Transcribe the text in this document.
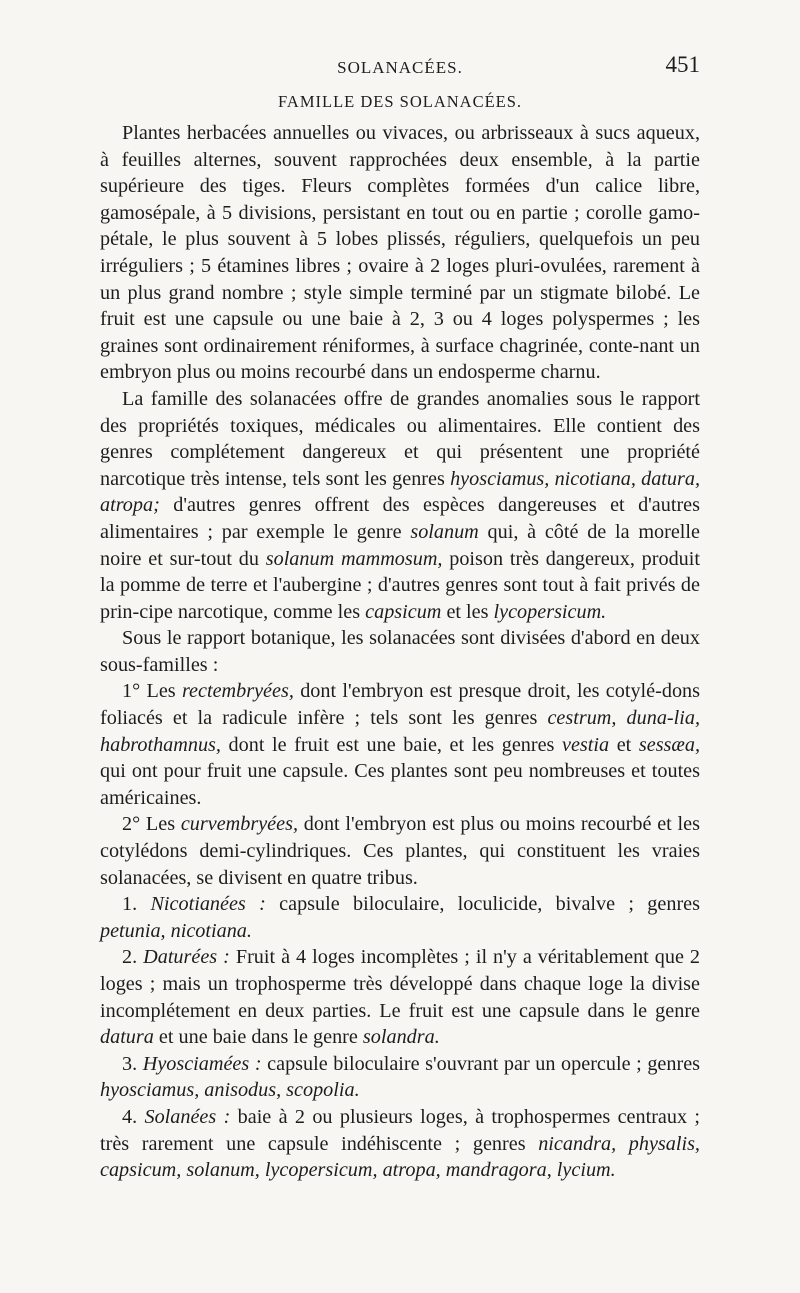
SOLANACÉES.	451
FAMILLE DES SOLANACÉES.

Plantes herbacées annuelles ou vivaces, ou arbrisseaux à sucs aqueux, à feuilles alternes, souvent rapprochées deux ensemble, à la partie supérieure des tiges. Fleurs complètes formées d'un calice libre, gamosépale, à 5 divisions, persistant en tout ou en partie ; corolle gamo-pétale, le plus souvent à 5 lobes plissés, réguliers, quelquefois un peu irréguliers ; 5 étamines libres ; ovaire à 2 loges pluri-ovulées, rarement à un plus grand nombre ; style simple terminé par un stigmate bilobé. Le fruit est une capsule ou une baie à 2, 3 ou 4 loges polyspermes ; les graines sont ordinairement réniformes, à surface chagrinée, conte-nant un embryon plus ou moins recourbé dans un endosperme charnu.

La famille des solanacées offre de grandes anomalies sous le rapport des propriétés toxiques, médicales ou alimentaires. Elle contient des genres complétement dangereux et qui présentent une propriété narcotique très intense, tels sont les genres hyosciamus, nicotiana, datura, atropa; d'autres genres offrent des espèces dangereuses et d'autres alimentaires ; par exemple le genre solanum qui, à côté de la morelle noire et sur-tout du solanum mammosum, poison très dangereux, produit la pomme de terre et l'aubergine ; d'autres genres sont tout à fait privés de prin-cipe narcotique, comme les capsicum et les lycopersicum.

Sous le rapport botanique, les solanacées sont divisées d'abord en deux sous-familles :

1° Les rectembryées, dont l'embryon est presque droit, les cotylé-dons foliacés et la radicule infère ; tels sont les genres cestrum, duna-lia, habrothamnus, dont le fruit est une baie, et les genres vestia et sessæa, qui ont pour fruit une capsule. Ces plantes sont peu nombreuses et toutes américaines.

2° Les curvembryées, dont l'embryon est plus ou moins recourbé et les cotylédons demi-cylindriques. Ces plantes, qui constituent les vraies solanacées, se divisent en quatre tribus.

1. Nicotianées : capsule biloculaire, loculicide, bivalve ; genres petunia, nicotiana.

2. Daturées : Fruit à 4 loges incomplètes ; il n'y a véritablement que 2 loges ; mais un trophosperme très développé dans chaque loge la divise incomplétement en deux parties. Le fruit est une capsule dans le genre datura et une baie dans le genre solandra.

3. Hyosciamées : capsule biloculaire s'ouvrant par un opercule ; genres hyosciamus, anisodus, scopolia.

4. Solanées : baie à 2 ou plusieurs loges, à trophospermes centraux ; très rarement une capsule indéhiscente ; genres nicandra, physalis, capsicum, solanum, lycopersicum, atropa, mandragora, lycium.
